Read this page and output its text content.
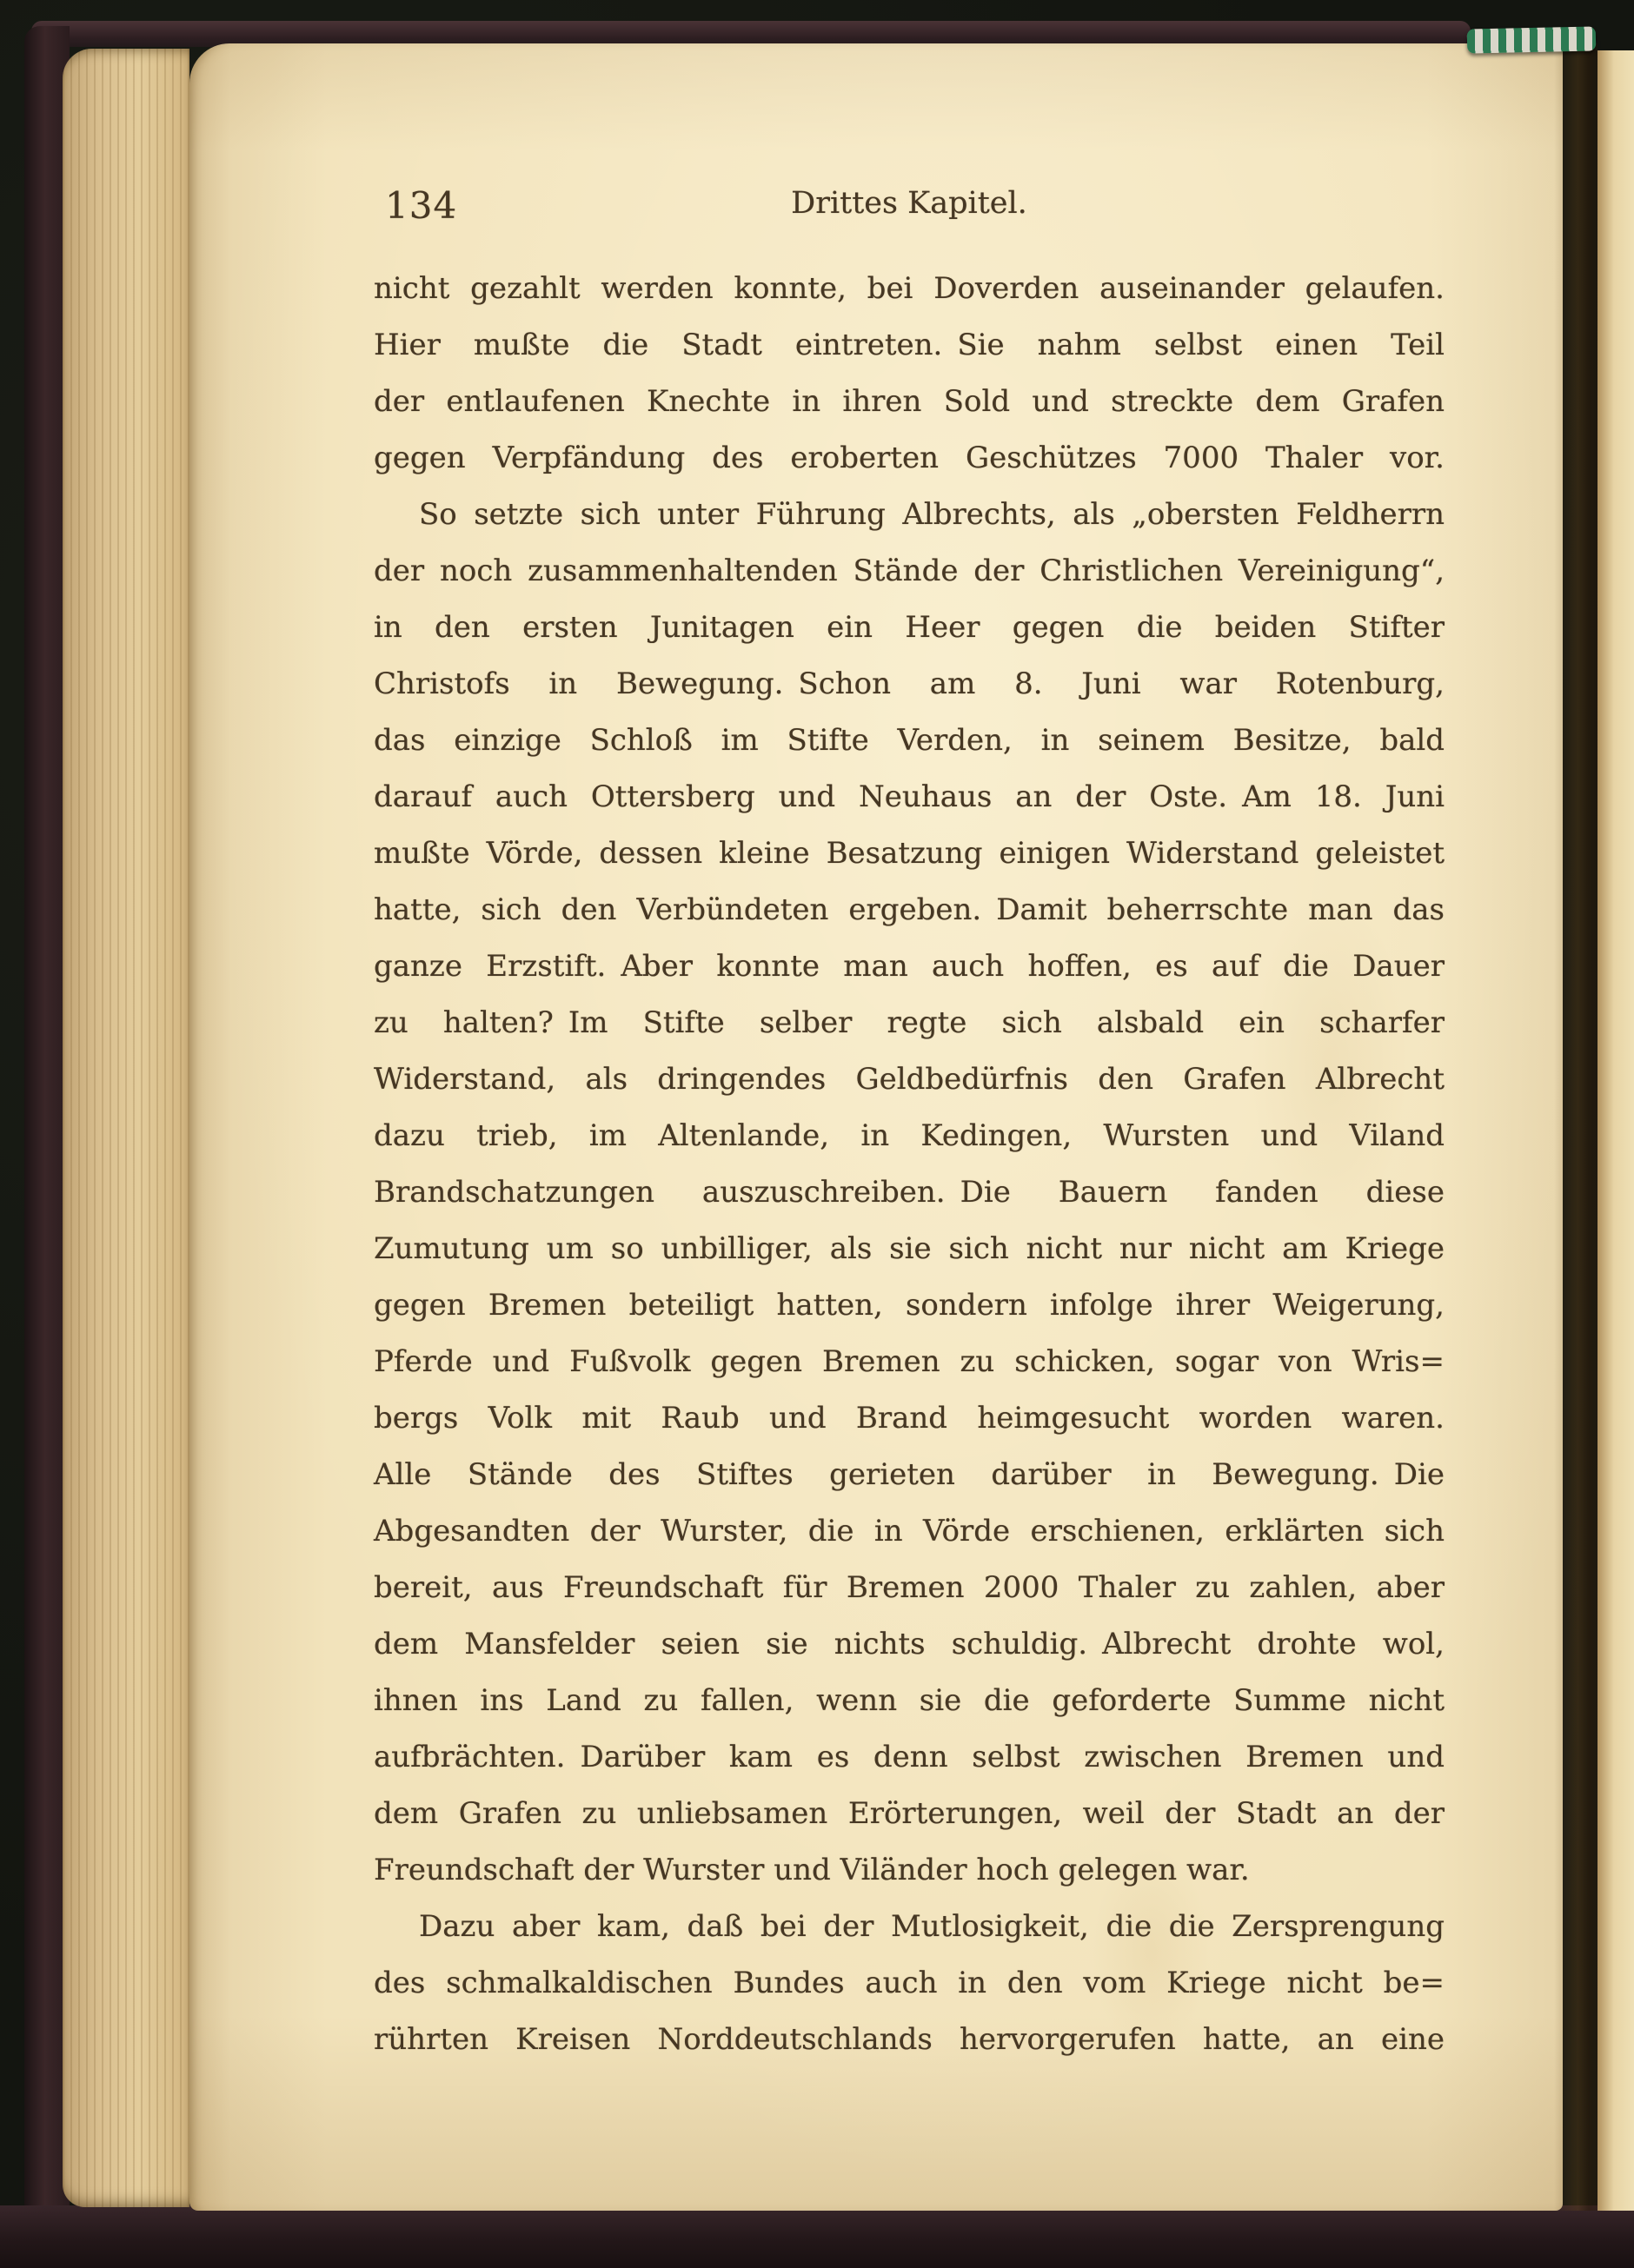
134	Drittes Kapitel.
nicht gezahlt werden konnte, bei Doverden auseinander gelaufen.
Hier mußte die Stadt eintreten. Sie nahm selbst einen Teil
der entlaufenen Knechte in ihren Sold und streckte dem Grafen
gegen Verpfändung des eroberten Geschützes 7000 Thaler vor.
So setzte sich unter Führung Albrechts, als „obersten Feldherrn
der noch zusammenhaltenden Stände der Christlichen Vereinigung“,
in den ersten Junitagen ein Heer gegen die beiden Stifter
Christofs in Bewegung. Schon am 8. Juni war Rotenburg,
das einzige Schloß im Stifte Verden, in seinem Besitze, bald
darauf auch Ottersberg und Neuhaus an der Oste. Am 18. Juni
mußte Vörde, dessen kleine Besatzung einigen Widerstand geleistet
hatte, sich den Verbündeten ergeben. Damit beherrschte man das
ganze Erzstift. Aber konnte man auch hoffen, es auf die Dauer
zu halten? Im Stifte selber regte sich alsbald ein scharfer
Widerstand, als dringendes Geldbedürfnis den Grafen Albrecht
dazu trieb, im Altenlande, in Kedingen, Wursten und Viland
Brandschatzungen auszuschreiben. Die Bauern fanden diese
Zumutung um so unbilliger, als sie sich nicht nur nicht am Kriege
gegen Bremen beteiligt hatten, sondern infolge ihrer Weigerung,
Pferde und Fußvolk gegen Bremen zu schicken, sogar von Wris=
bergs Volk mit Raub und Brand heimgesucht worden waren.
Alle Stände des Stiftes gerieten darüber in Bewegung. Die
Abgesandten der Wurster, die in Vörde erschienen, erklärten sich
bereit, aus Freundschaft für Bremen 2000 Thaler zu zahlen, aber
dem Mansfelder seien sie nichts schuldig. Albrecht drohte wol,
ihnen ins Land zu fallen, wenn sie die geforderte Summe nicht
aufbrächten. Darüber kam es denn selbst zwischen Bremen und
dem Grafen zu unliebsamen Erörterungen, weil der Stadt an der
Freundschaft der Wurster und Viländer hoch gelegen war.
Dazu aber kam, daß bei der Mutlosigkeit, die die Zersprengung
des schmalkaldischen Bundes auch in den vom Kriege nicht be=
rührten Kreisen Norddeutschlands hervorgerufen hatte, an eine
